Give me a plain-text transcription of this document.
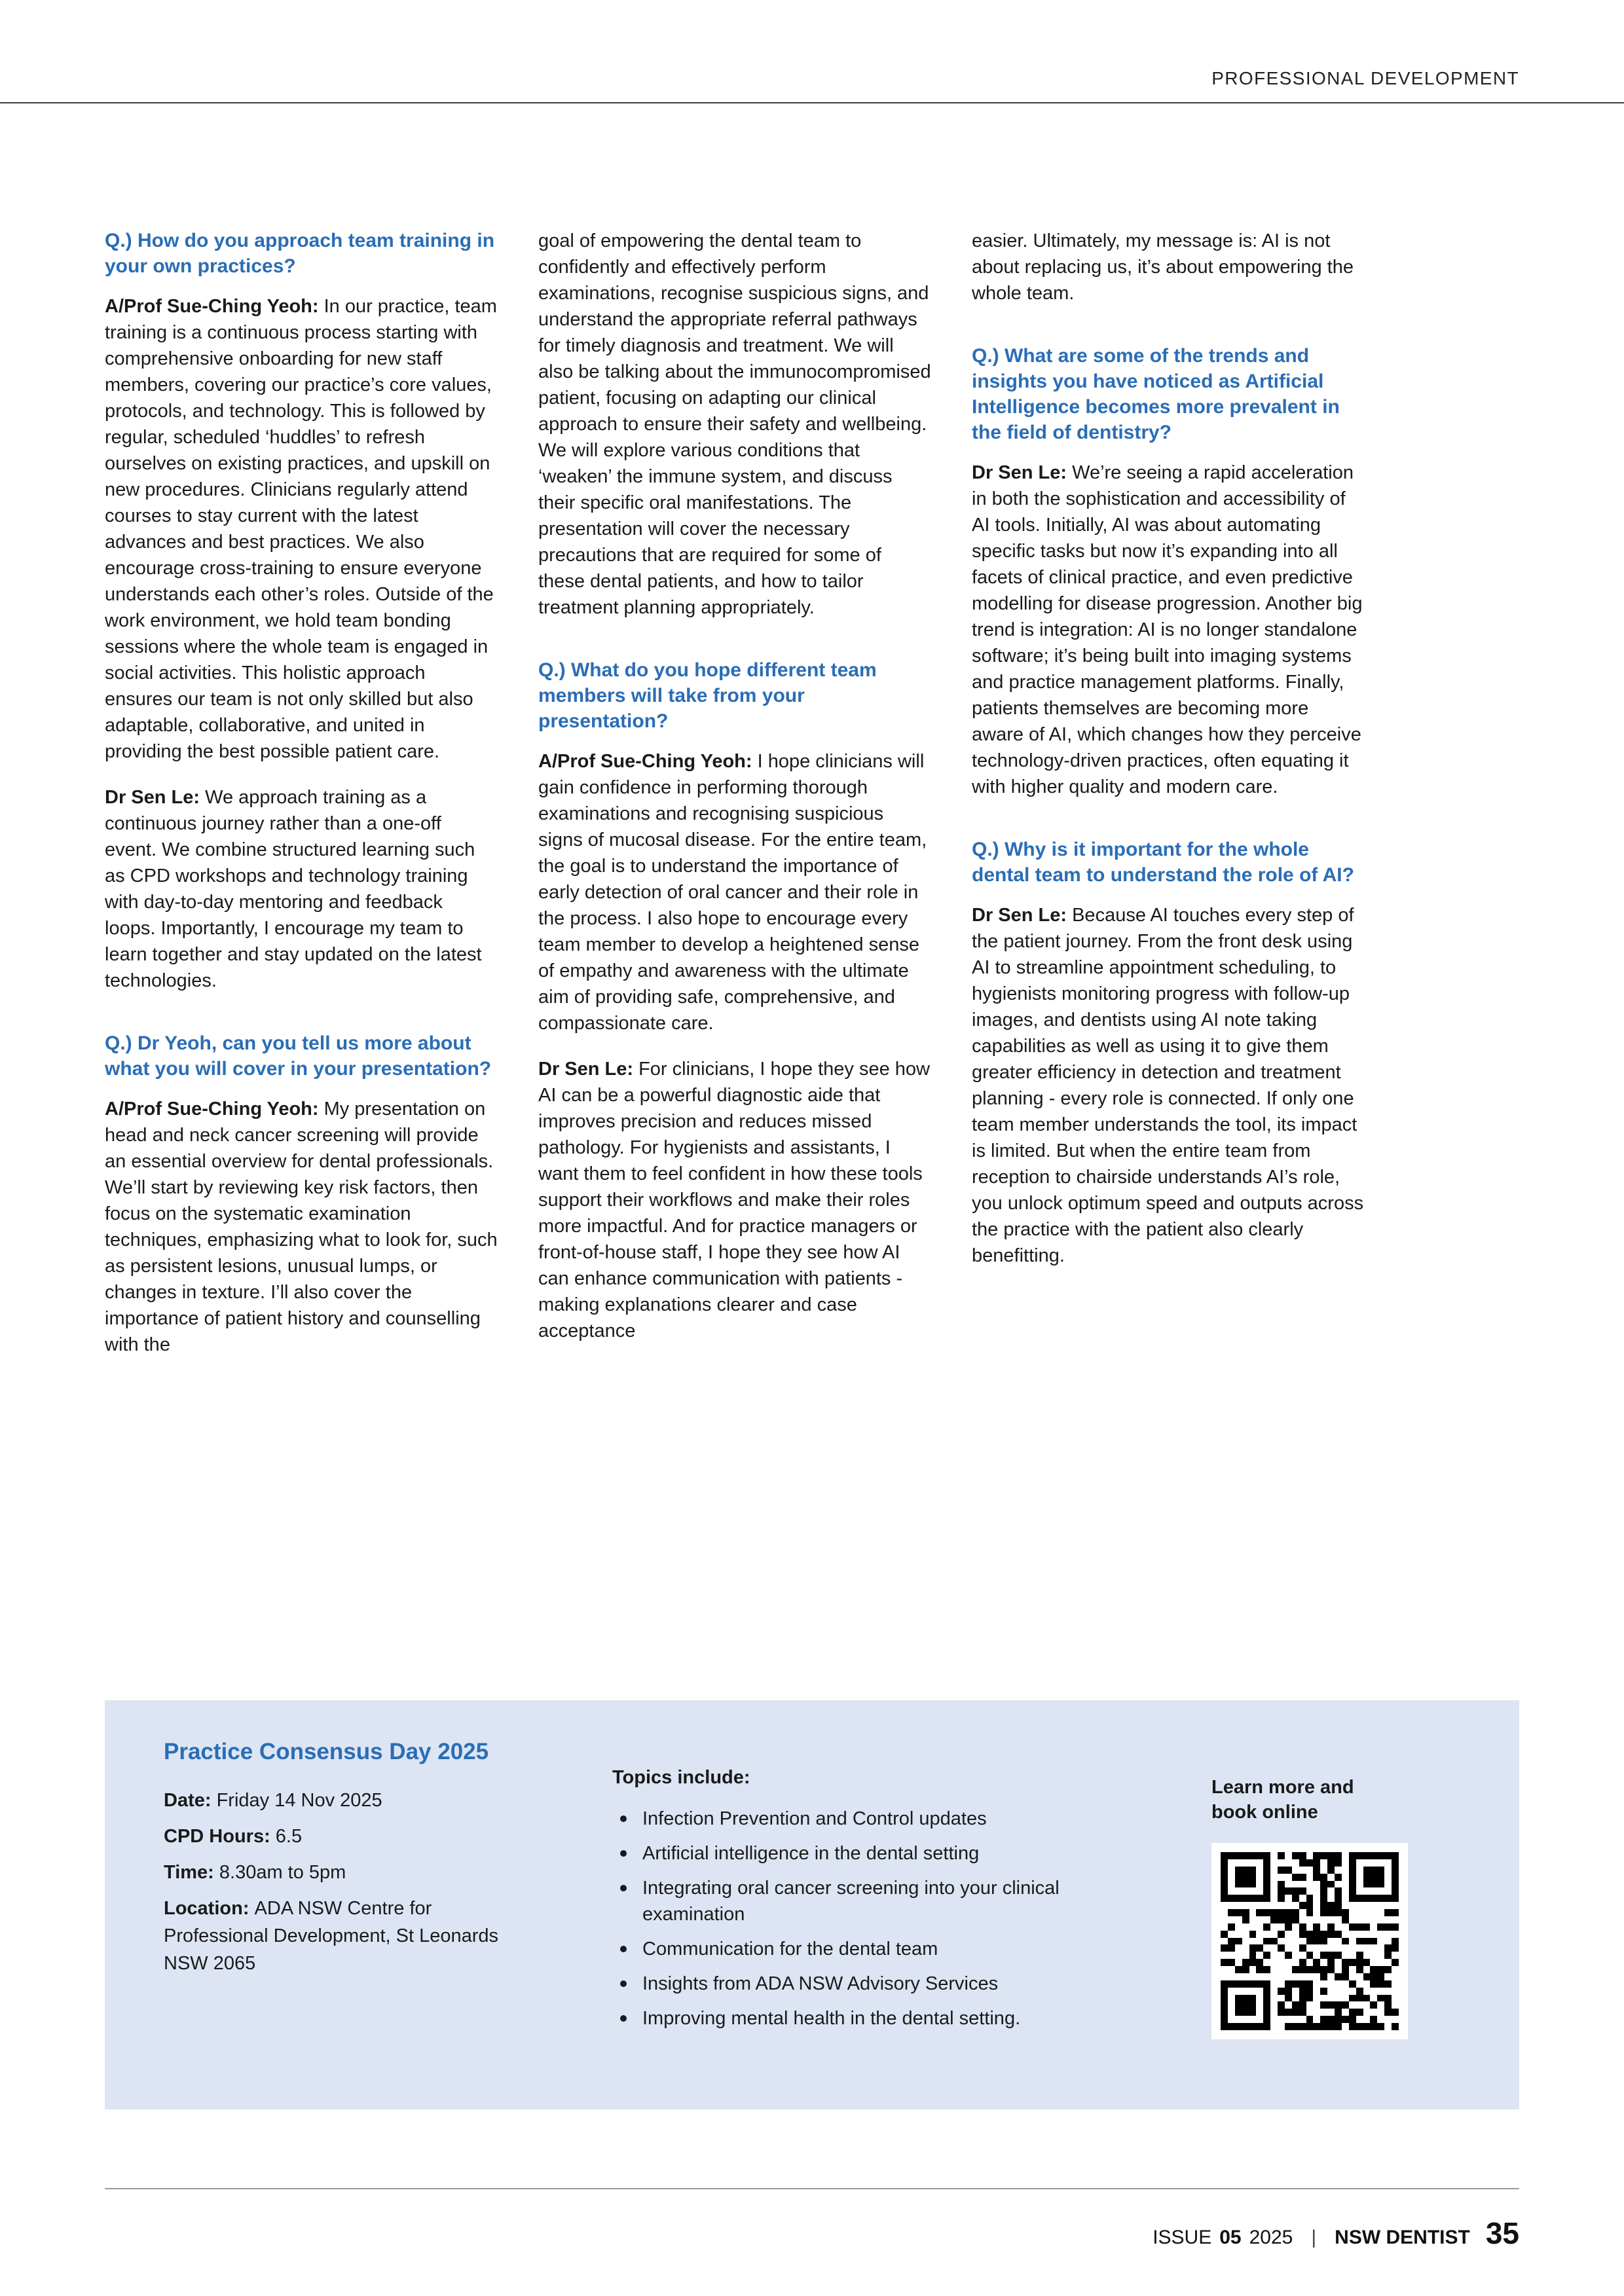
PROFESSIONAL DEVELOPMENT
Q.) How do you approach team training in your own practices?

A/Prof Sue-Ching Yeoh: In our practice, team training is a continuous process starting with comprehensive onboarding for new staff members, covering our practice’s core values, protocols, and technology. This is followed by regular, scheduled ‘huddles’ to refresh ourselves on existing practices, and upskill on new procedures. Clinicians regularly attend courses to stay current with the latest advances and best practices. We also encourage cross-training to ensure everyone understands each other’s roles. Outside of the work environment, we hold team bonding sessions where the whole team is engaged in social activities. This holistic approach ensures our team is not only skilled but also adaptable, collaborative, and united in providing the best possible patient care.

Dr Sen Le: We approach training as a continuous journey rather than a one-off event. We combine structured learning such as CPD workshops and technology training with day-to-day mentoring and feedback loops. Importantly, I encourage my team to learn together and stay updated on the latest technologies.

Q.) Dr Yeoh, can you tell us more about what you will cover in your presentation?

A/Prof Sue-Ching Yeoh: My presentation on head and neck cancer screening will provide an essential overview for dental professionals. We’ll start by reviewing key risk factors, then focus on the systematic examination techniques, emphasizing what to look for, such as persistent lesions, unusual lumps, or changes in texture. I’ll also cover the importance of patient history and counselling with the

goal of empowering the dental team to confidently and effectively perform examinations, recognise suspicious signs, and understand the appropriate referral pathways for timely diagnosis and treatment. We will also be talking about the immunocompromised patient, focusing on adapting our clinical approach to ensure their safety and wellbeing. We will explore various conditions that ‘weaken’ the immune system, and discuss their specific oral manifestations. The presentation will cover the necessary precautions that are required for some of these dental patients, and how to tailor treatment planning appropriately.

Q.) What do you hope different team members will take from your presentation?

A/Prof Sue-Ching Yeoh: I hope clinicians will gain confidence in performing thorough examinations and recognising suspicious signs of mucosal disease. For the entire team, the goal is to understand the importance of early detection of oral cancer and their role in the process. I also hope to encourage every team member to develop a heightened sense of empathy and awareness with the ultimate aim of providing safe, comprehensive, and compassionate care.

Dr Sen Le: For clinicians, I hope they see how AI can be a powerful diagnostic aide that improves precision and reduces missed pathology. For hygienists and assistants, I want them to feel confident in how these tools support their workflows and make their roles more impactful. And for practice managers or front-of-house staff, I hope they see how AI can enhance communication with patients - making explanations clearer and case acceptance

easier. Ultimately, my message is: AI is not about replacing us, it’s about empowering the whole team.

Q.) What are some of the trends and insights you have noticed as Artificial Intelligence becomes more prevalent in the field of dentistry?

Dr Sen Le: We’re seeing a rapid acceleration in both the sophistication and accessibility of AI tools. Initially, AI was about automating specific tasks but now it’s expanding into all facets of clinical practice, and even predictive modelling for disease progression. Another big trend is integration: AI is no longer standalone software; it’s being built into imaging systems and practice management platforms. Finally, patients themselves are becoming more aware of AI, which changes how they perceive technology-driven practices, often equating it with higher quality and modern care.

Q.) Why is it important for the whole dental team to understand the role of AI?

Dr Sen Le: Because AI touches every step of the patient journey. From the front desk using AI to streamline appointment scheduling, to hygienists monitoring progress with follow-up images, and dentists using AI note taking capabilities as well as using it to give them greater efficiency in detection and treatment planning - every role is connected. If only one team member understands the tool, its impact is limited. But when the entire team from reception to chairside understands AI’s role, you unlock optimum speed and outputs across the practice with the patient also clearly benefitting.

Practice Consensus Day 2025
Date: Friday 14 Nov 2025
CPD Hours: 6.5
Time: 8.30am to 5pm
Location: ADA NSW Centre for Professional Development, St Leonards NSW 2065
Topics include:
Infection Prevention and Control updates
Artificial intelligence in the dental setting
Integrating oral cancer screening into your clinical examination
Communication for the dental team
Insights from ADA NSW Advisory Services
Improving mental health in the dental setting.
Learn more and book online
ISSUE 05 2025 | NSW DENTIST 35
